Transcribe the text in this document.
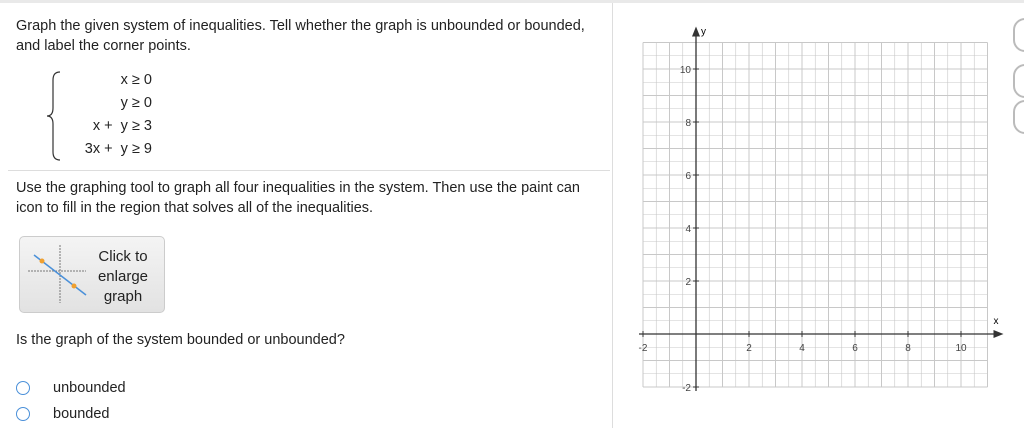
Graph the given system of inequalities. Tell whether the graph is unbounded or bounded, and label the corner points.
x ≥ 0
y ≥ 0
x +  y ≥ 3
3x +  y ≥ 9
Use the graphing tool to graph all four inequalities in the system. Then use the paint can icon to fill in the region that solves all of the inequalities.
Click to
enlarge
graph
Is the graph of the system bounded or unbounded?
unbounded
bounded
x
y
-2	2	4	6	8	10
10
8
6
4
2
-2
